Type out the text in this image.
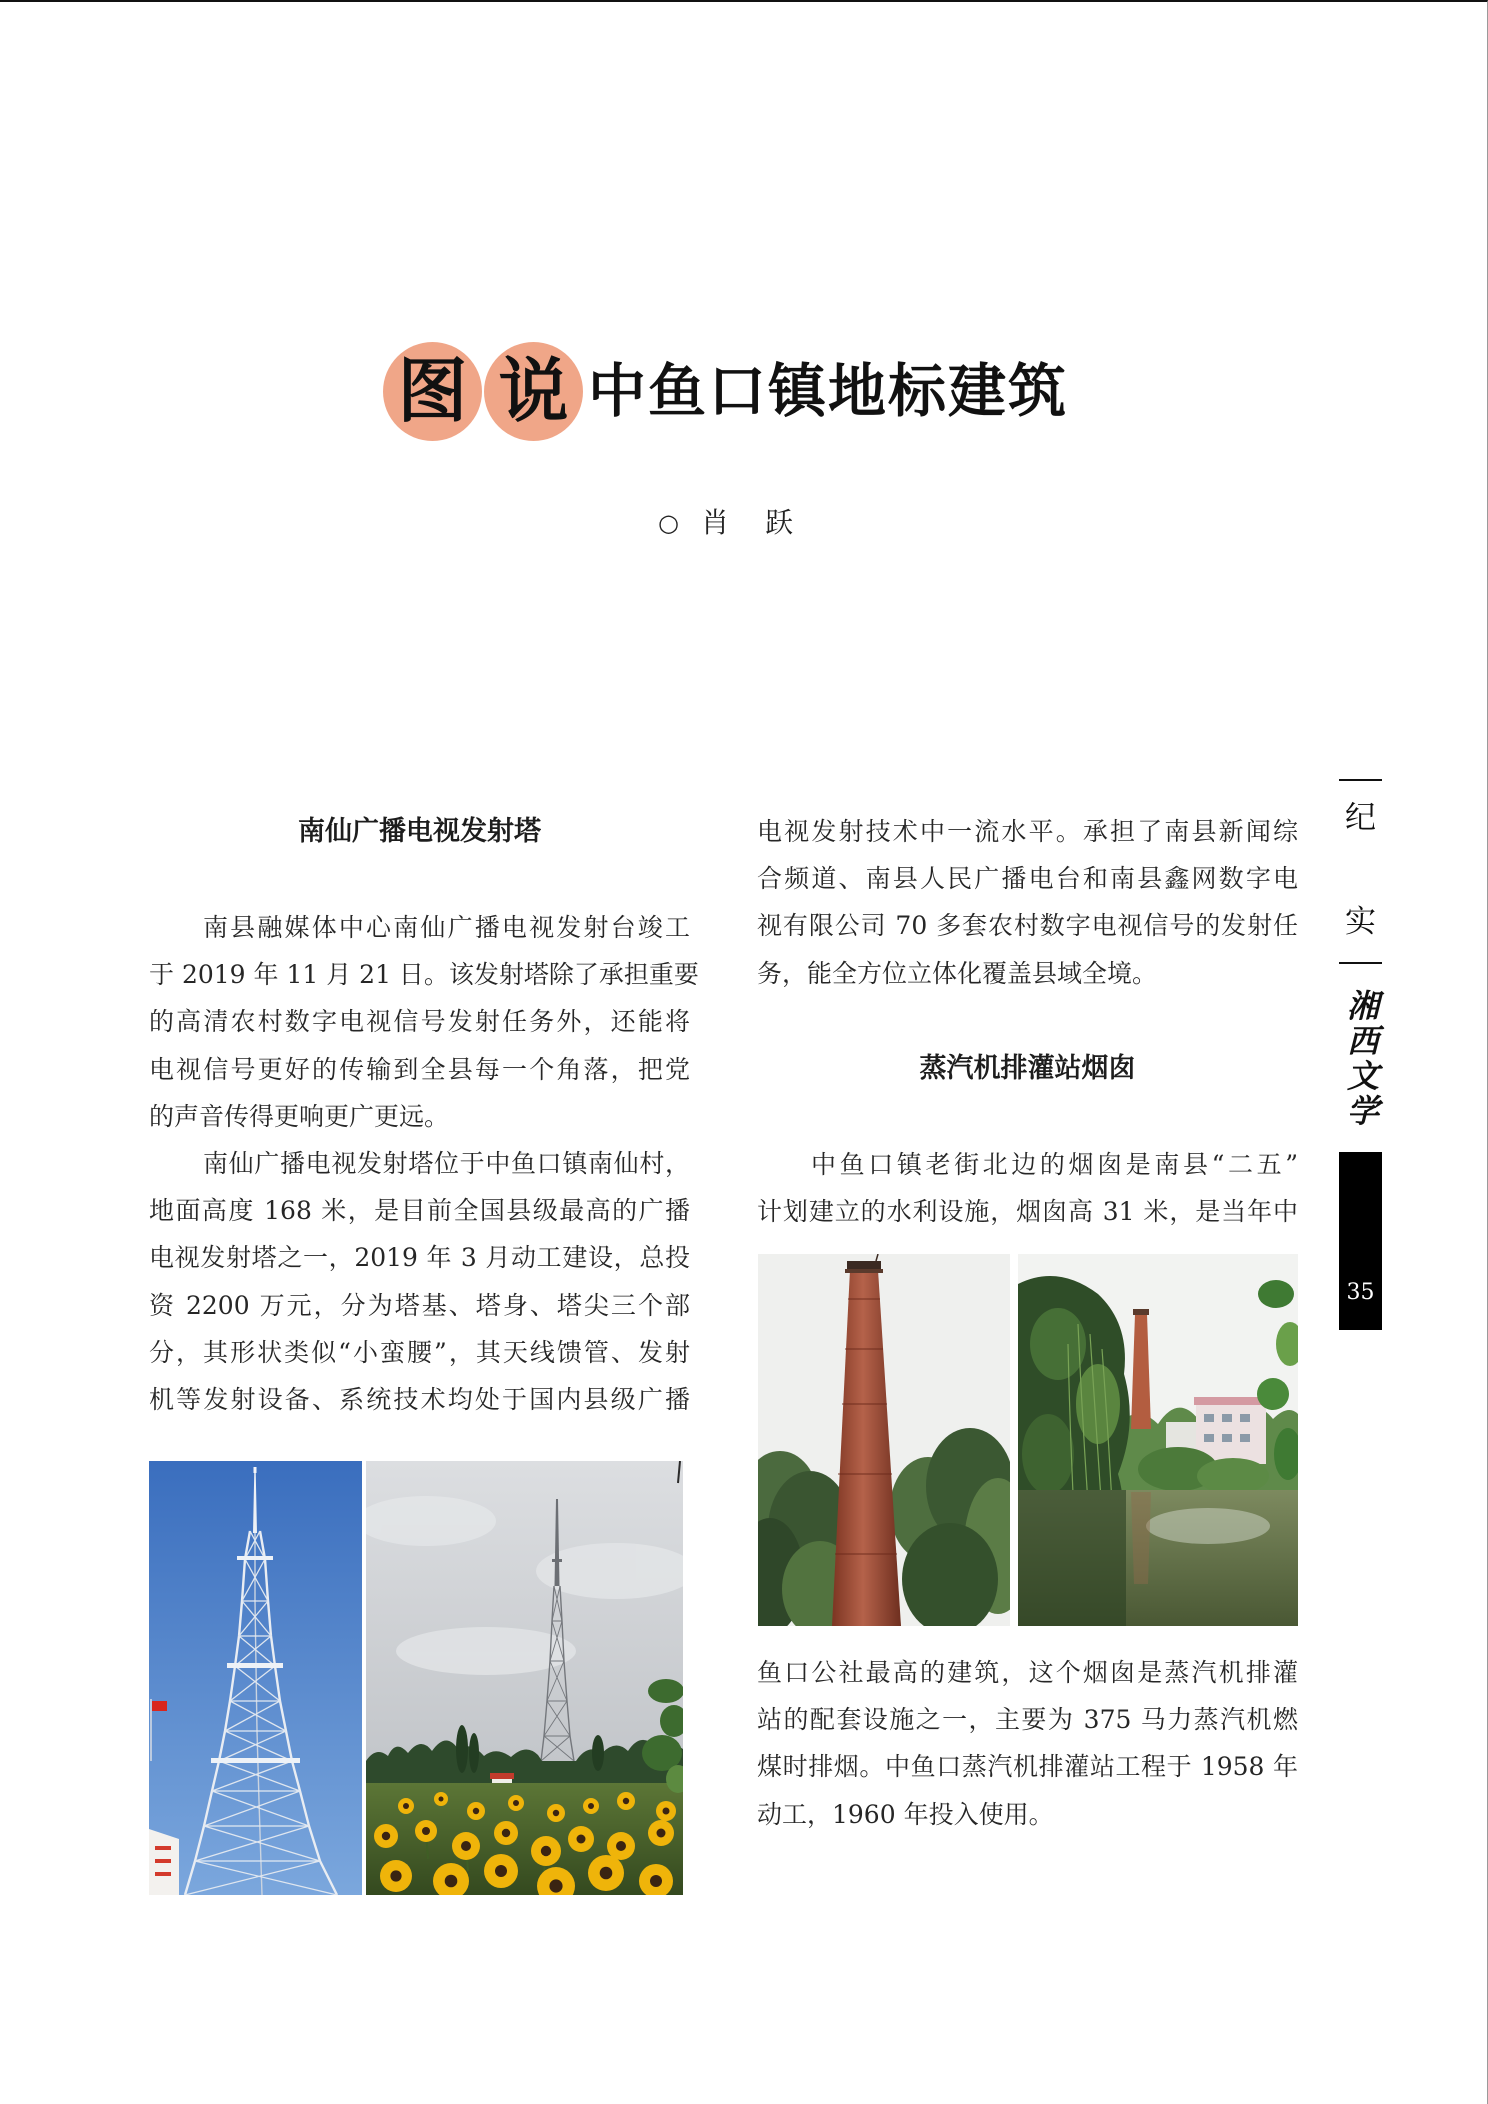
图 说 中鱼口镇地标建筑
○ 肖　跃
纪
实
湘西文学
35
南仙广播电视发射塔
南县融媒体中心南仙广播电视发射台竣工
于 2019 年 11 月 21 日。该发射塔除了承担重要
的高清农村数字电视信号发射任务外，还能将
电视信号更好的传输到全县每一个角落，把党
的声音传得更响更广更远。
南仙广播电视发射塔位于中鱼口镇南仙村，
地面高度 168 米，是目前全国县级最高的广播
电视发射塔之一，2019 年 3 月动工建设，总投
资 2200 万元，分为塔基、塔身、塔尖三个部
分，其形状类似“小蛮腰”，其天线馈管、发射
机等发射设备、系统技术均处于国内县级广播
电视发射技术中一流水平。承担了南县新闻综
合频道、南县人民广播电台和南县鑫网数字电
视有限公司 70 多套农村数字电视信号的发射任
务，能全方位立体化覆盖县域全境。
蒸汽机排灌站烟囱
中鱼口镇老街北边的烟囱是南县“二五”
计划建立的水利设施，烟囱高 31 米，是当年中
鱼口公社最高的建筑，这个烟囱是蒸汽机排灌
站的配套设施之一，主要为 375 马力蒸汽机燃
煤时排烟。中鱼口蒸汽机排灌站工程于 1958 年
动工，1960 年投入使用。
